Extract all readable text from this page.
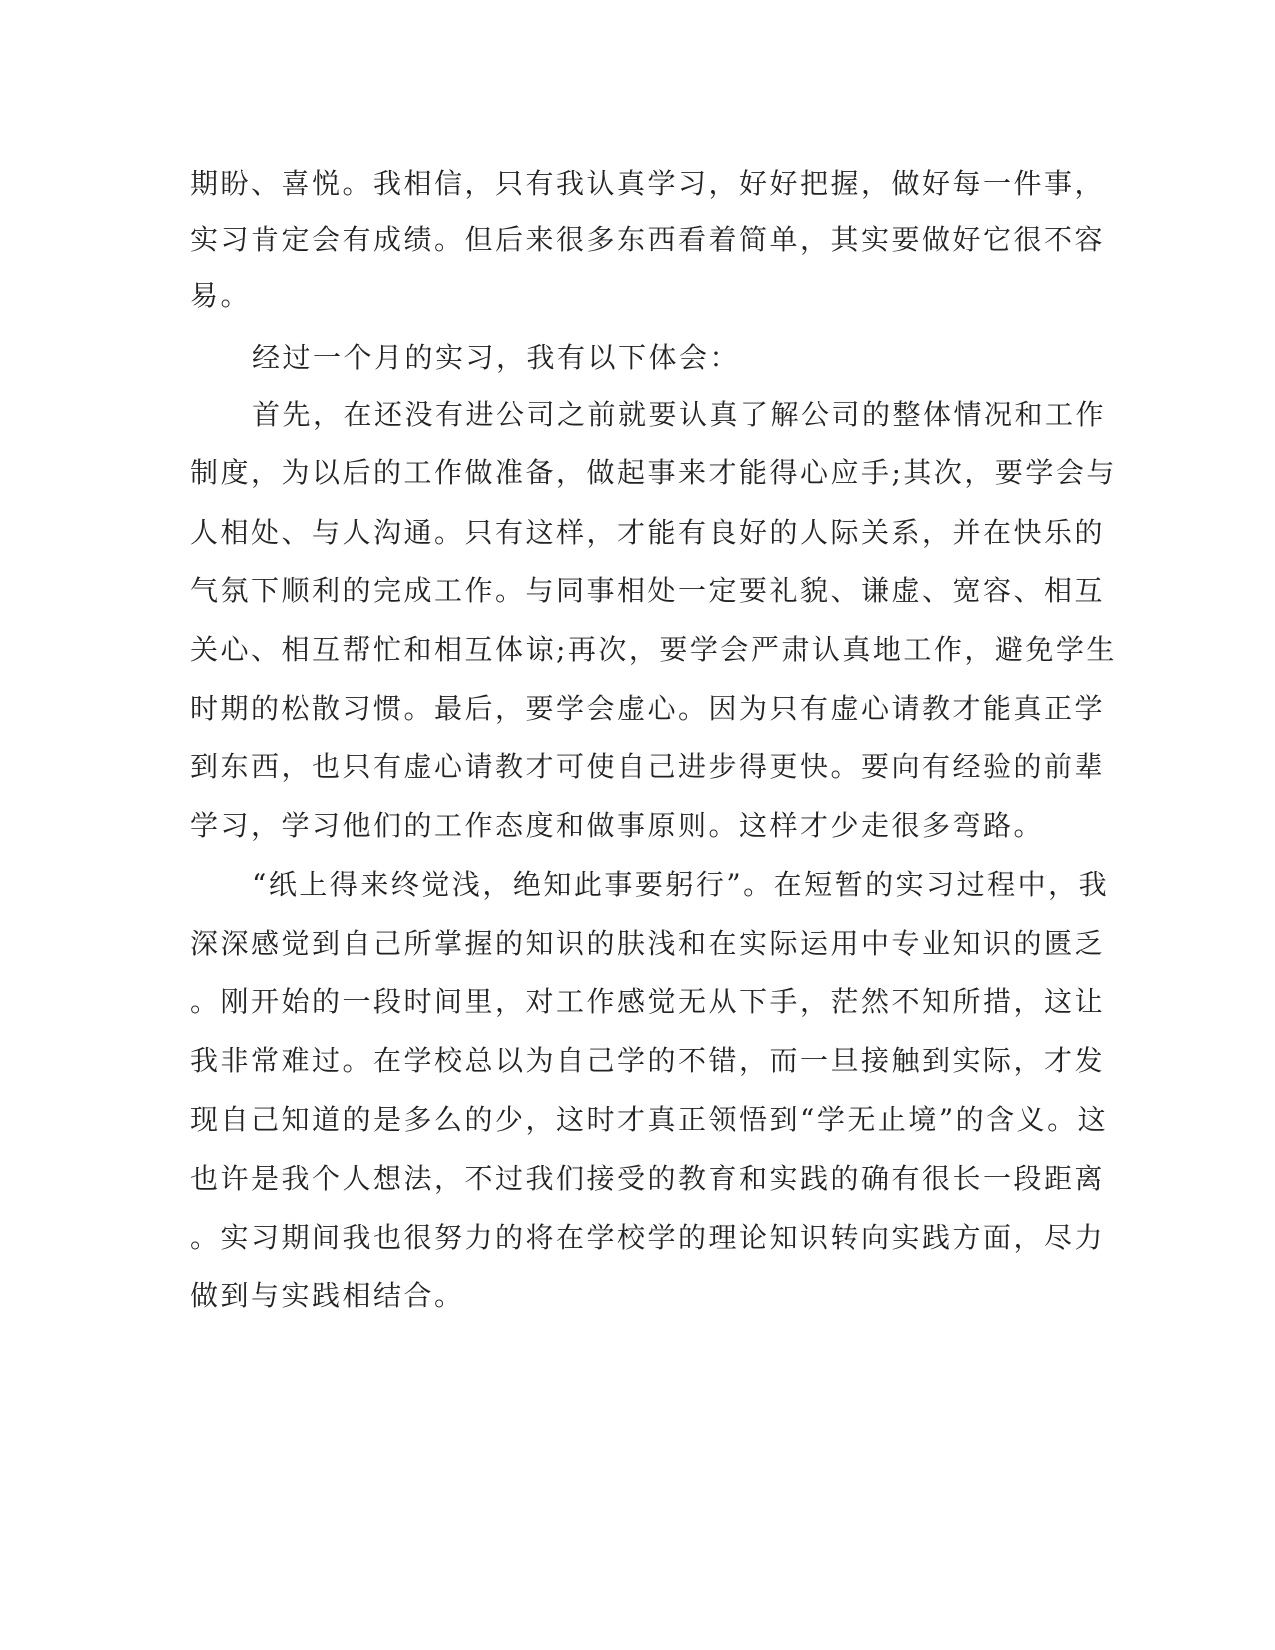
期盼、喜悦。我相信，只有我认真学习，好好把握，做好每一件事，
实习肯定会有成绩。但后来很多东西看着简单，其实要做好它很不容
易。
经过一个月的实习，我有以下体会：
首先，在还没有进公司之前就要认真了解公司的整体情况和工作
制度，为以后的工作做准备，做起事来才能得心应手;其次，要学会与
人相处、与人沟通。只有这样，才能有良好的人际关系，并在快乐的
气氛下顺利的完成工作。与同事相处一定要礼貌、谦虚、宽容、相互
关心、相互帮忙和相互体谅;再次，要学会严肃认真地工作，避免学生
时期的松散习惯。最后，要学会虚心。因为只有虚心请教才能真正学
到东西，也只有虚心请教才可使自己进步得更快。要向有经验的前辈
学习，学习他们的工作态度和做事原则。这样才少走很多弯路。
“纸上得来终觉浅，绝知此事要躬行”。在短暂的实习过程中，我
深深感觉到自己所掌握的知识的肤浅和在实际运用中专业知识的匮乏
。刚开始的一段时间里，对工作感觉无从下手，茫然不知所措，这让
我非常难过。在学校总以为自己学的不错，而一旦接触到实际，才发
现自己知道的是多么的少，这时才真正领悟到“学无止境”的含义。这
也许是我个人想法，不过我们接受的教育和实践的确有很长一段距离
。实习期间我也很努力的将在学校学的理论知识转向实践方面，尽力
做到与实践相结合。
